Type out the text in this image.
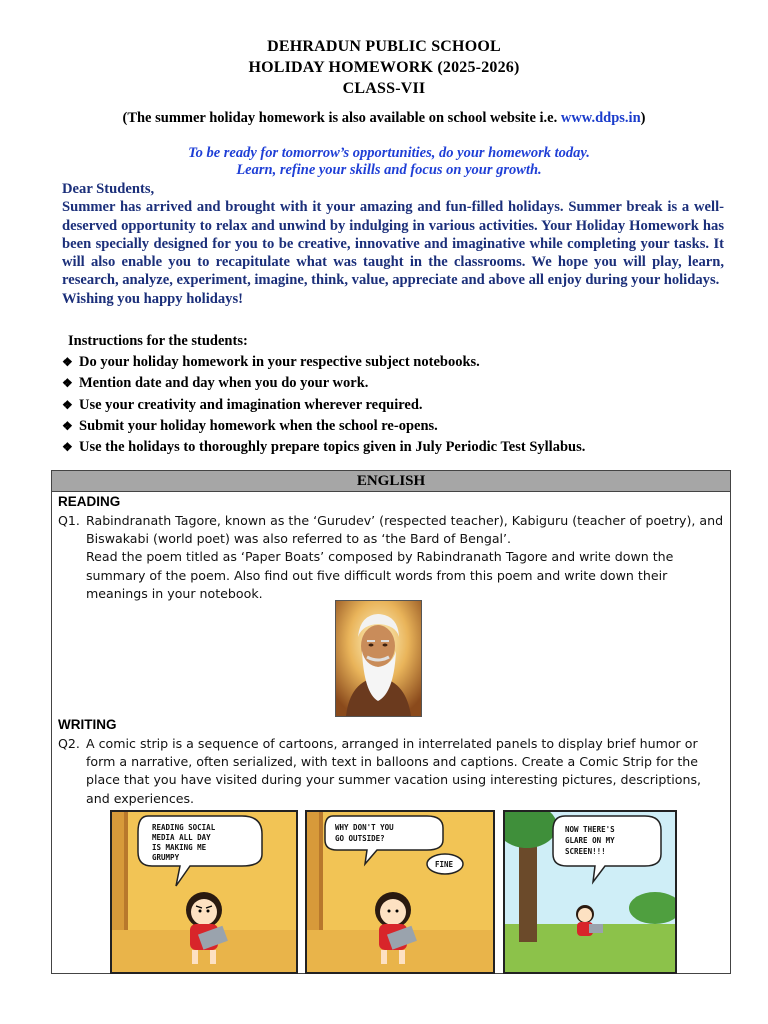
DEHRADUN PUBLIC SCHOOL
HOLIDAY HOMEWORK (2025-2026)
CLASS-VII
(The summer holiday homework is also available on school website i.e. www.ddps.in)
To be ready for tomorrow’s opportunities, do your homework today.
Learn, refine your skills and focus on your growth.

Dear Students,

Summer has arrived and brought with it your amazing and fun-filled holidays. Summer break is a well-deserved opportunity to relax and unwind by indulging in various activities. Your Holiday Homework has been specially designed for you to be creative, innovative and imaginative while completing your tasks. It will also enable you to recapitulate what was taught in the classrooms. We hope you will play, learn, research, analyze, experiment, imagine, think, value, appreciate and above all enjoy during your holidays.

Wishing you happy holidays!

Instructions for the students:
❖ Do your holiday homework in your respective subject notebooks.
❖ Mention date and day when you do your work.
❖ Use your creativity and imagination wherever required.
❖ Submit your holiday homework when the school re-opens.
❖ Use the holidays to thoroughly prepare topics given in July Periodic Test Syllabus.
ENGLISH
READING
Q1. Rabindranath Tagore, known as the ‘Gurudev’ (respected teacher), Kabiguru (teacher of poetry), and Biswakabi (world poet) was also referred to as ‘the Bard of Bengal’.
Read the poem titled as ‘Paper Boats’ composed by Rabindranath Tagore and write down the summary of the poem. Also find out five difficult words from this poem and write down their meanings in your notebook.
WRITING
Q2. A comic strip is a sequence of cartoons, arranged in interrelated panels to display brief humor or form a narrative, often serialized, with text in balloons and captions. Create a Comic Strip for the place that you have visited during your summer vacation using interesting pictures, descriptions, and experiences.
READING SOCIAL
MEDIA ALL DAY
IS MAKING ME
GRUMPY
WHY DON'T YOU
GO OUTSIDE?
FINE
NOW THERE'S
GLARE ON MY
SCREEN!!!
